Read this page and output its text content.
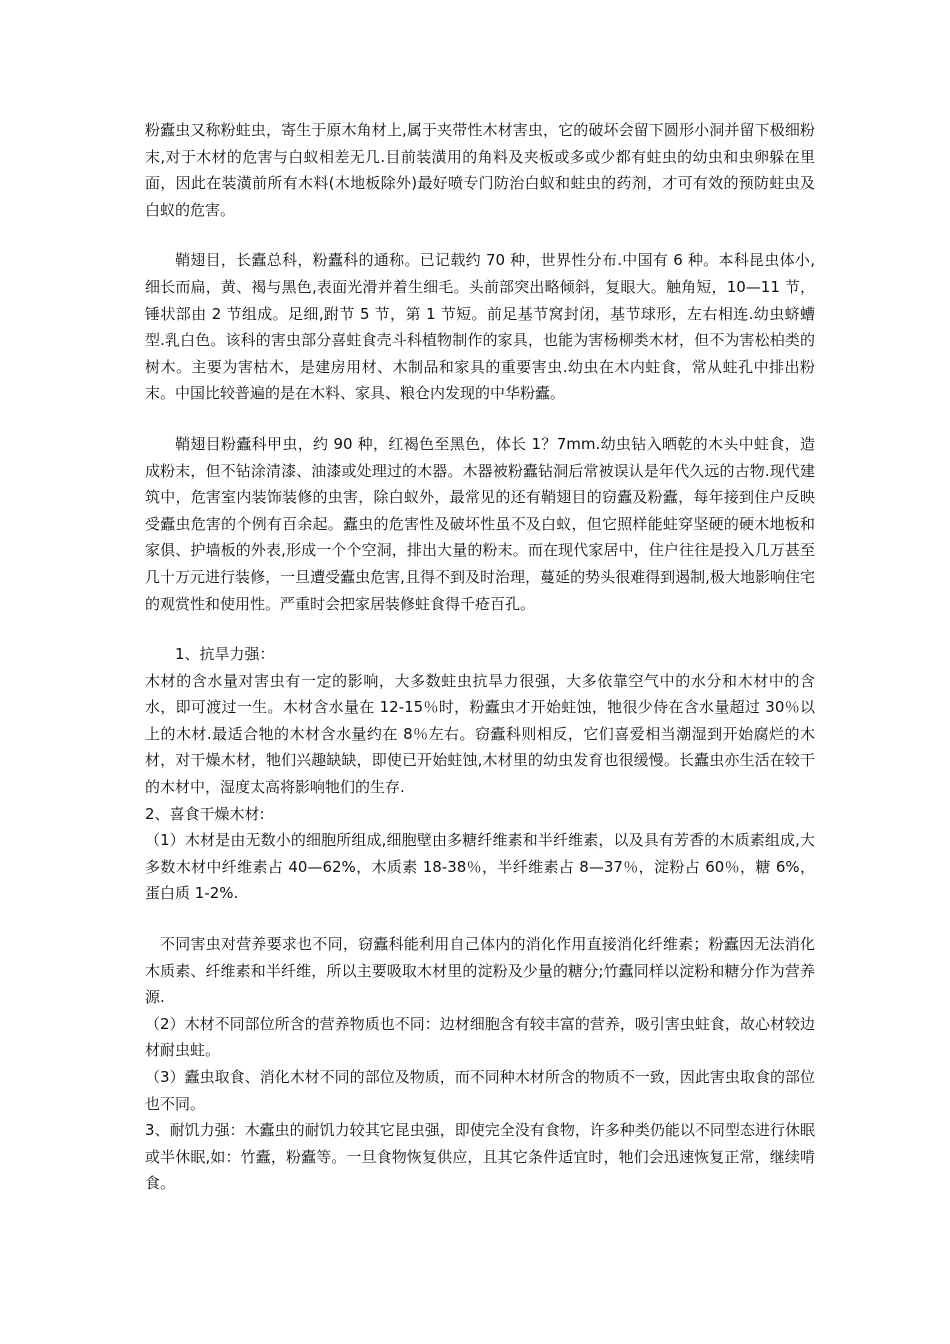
粉蠹虫又称粉蛀虫，寄生于原木角材上,属于夹带性木材害虫，它的破坏会留下圆形小洞并留下极细粉末,对于木材的危害与白蚁相差无几.目前装潢用的角料及夹板或多或少都有蛀虫的幼虫和虫卵躲在里面，因此在装潢前所有木料(木地板除外)最好喷专门防治白蚁和蛀虫的药剂，才可有效的预防蛀虫及白蚁的危害。

鞘翅目，长蠹总科，粉蠹科的通称。已记载约 70 种，世界性分布.中国有 6 种。本科昆虫体小,细长而扁，黄、褐与黑色,表面光滑并着生细毛。头前部突出略倾斜，复眼大。触角短，10—11 节，锤状部由 2 节组成。足细,跗节 5 节，第 1 节短。前足基节窝封闭，基节球形，左右相连.幼虫蛴螬型.乳白色。该科的害虫部分喜蛀食壳斗科植物制作的家具，也能为害杨柳类木材，但不为害松柏类的树木。主要为害枯木，是建房用材、木制品和家具的重要害虫.幼虫在木内蛀食，常从蛀孔中排出粉末。中国比较普遍的是在木料、家具、粮仓内发现的中华粉蠹。

鞘翅目粉蠹科甲虫，约 90 种，红褐色至黑色，体长 1？7mm.幼虫钻入晒乾的木头中蛀食，造成粉末，但不钻涂清漆、油漆或处理过的木器。木器被粉蠹钻洞后常被误认是年代久远的古物.现代建筑中，危害室内装饰装修的虫害，除白蚁外，最常见的还有鞘翅目的窃蠹及粉蠹，每年接到住户反映受蠹虫危害的个例有百余起。蠹虫的危害性及破坏性虽不及白蚁，但它照样能蛀穿坚硬的硬木地板和家俱、护墙板的外表,形成一个个空洞，排出大量的粉末。而在现代家居中，住户往往是投入几万甚至几十万元进行装修，一旦遭受蠹虫危害,且得不到及时治理，蔓延的势头很难得到遏制,极大地影响住宅的观赏性和使用性。严重时会把家居装修蛀食得千疮百孔。

1、抗旱力强：

木材的含水量对害虫有一定的影响，大多数蛀虫抗旱力很强，大多依靠空气中的水分和木材中的含水，即可渡过一生。木材含水量在 12-15％时，粉蠹虫才开始蛀蚀，牠很少侍在含水量超过 30％以上的木材.最适合牠的木材含水量约在 8％左右。窃蠹科则相反，它们喜爱相当潮湿到开始腐烂的木材，对干燥木材，牠们兴趣缺缺，即使已开始蛀蚀,木材里的幼虫发育也很缓慢。长蠹虫亦生活在较干的木材中，湿度太高将影响牠们的生存.

2、喜食干燥木材:

（1）木材是由无数小的细胞所组成,细胞壁由多糖纤维素和半纤维素，以及具有芳香的木质素组成,大多数木材中纤维素占 40—62%，木质素 18-38％，半纤维素占 8—37％，淀粉占 60％，糖 6%，蛋白质 1-2%.

不同害虫对营养要求也不同，窃蠹科能利用自己体内的消化作用直接消化纤维素；粉蠹因无法消化木质素、纤维素和半纤维，所以主要吸取木材里的淀粉及少量的糖分;竹蠹同样以淀粉和糖分作为营养源.

（2）木材不同部位所含的营养物质也不同：边材细胞含有较丰富的营养，吸引害虫蛀食，故心材较边材耐虫蛀。

（3）蠹虫取食、消化木材不同的部位及物质，而不同种木材所含的物质不一致，因此害虫取食的部位也不同。

3、耐饥力强：木蠹虫的耐饥力较其它昆虫强，即使完全没有食物，许多种类仍能以不同型态进行休眠或半休眠,如：竹蠹，粉蠹等。一旦食物恢复供应，且其它条件适宜时，牠们会迅速恢复正常，继续啃食。
